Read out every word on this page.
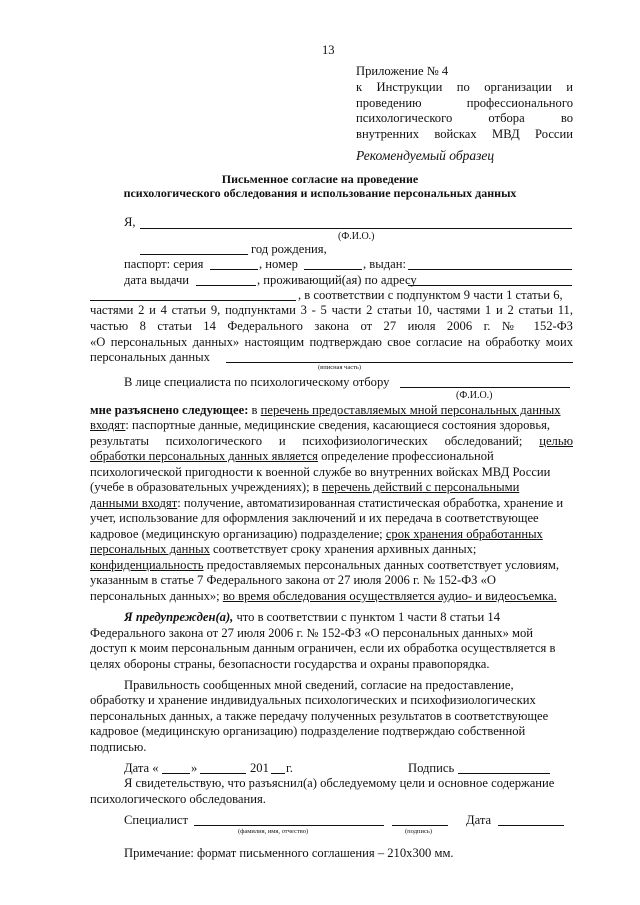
13
Приложение № 4
к Инструкции по организации и
проведению профессионального
психологического отбора во
внутренних войсках МВД России
Рекомендуемый образец
Письменное согласие на проведение
психологического обследования и использование персональных данных
Я,
(Ф.И.О.)
год рождения,
паспорт: серия	, номер	, выдан:
дата выдачи	, проживающий(ая) по адресу
, в соответствии с подпунктом 9 части 1 статьи 6,
частями 2 и 4 статьи 9, подпунктами 3 - 5 части 2 статьи 10, частями 1 и 2 статьи 11,
частью 8 статьи 14 Федерального закона от 27 июля 2006 г. № 152-ФЗ
«О персональных данных» настоящим подтверждаю свое согласие на обработку моих
персональных данных
(вписная часть)
В лице специалиста по психологическому отбору
(Ф.И.О.)
мне разъяснено следующее: в перечень предоставляемых мной персональных данных
входят: паспортные данные, медицинские сведения, касающиеся состояния здоровья,
результаты психологического и психофизиологических обследований; целью
обработки персональных данных является определение профессиональной
психологической пригодности к военной службе во внутренних войсках МВД России
(учебе в образовательных учреждениях); в перечень действий с персональными
данными входят: получение, автоматизированная статистическая обработка, хранение и
учет, использование для оформления заключений и их передача в соответствующее
кадровое (медицинскую организацию) подразделение; срок хранения обработанных
персональных данных соответствует сроку хранения архивных данных;
конфиденциальность предоставляемых персональных данных соответствует условиям,
указанным в статье 7 Федерального закона от 27 июля 2006 г. № 152-ФЗ «О
персональных данных»; во время обследования осуществляется аудио- и видеосъемка.
Я предупрежден(а), что в соответствии с пунктом 1 части 8 статьи 14
Федерального закона от 27 июля 2006 г. № 152-ФЗ «О персональных данных» мой
доступ к моим персональным данным ограничен, если их обработка осуществляется в
целях обороны страны, безопасности государства и охраны правопорядка.
Правильность сообщенных мной сведений, согласие на предоставление,
обработку и хранение индивидуальных психологических и психофизиологических
персональных данных, а также передачу полученных результатов в соответствующее
кадровое (медицинскую организацию) подразделение подтверждаю собственной
подписью.
Дата «	»	201 г.	Подпись
Я свидетельствую, что разъяснил(а) обследуемому цели и основное содержание
психологического обследования.
Специалист
(фамилия, имя, отчество)	(подпись)
Дата
Примечание: формат письменного соглашения – 210х300 мм.
